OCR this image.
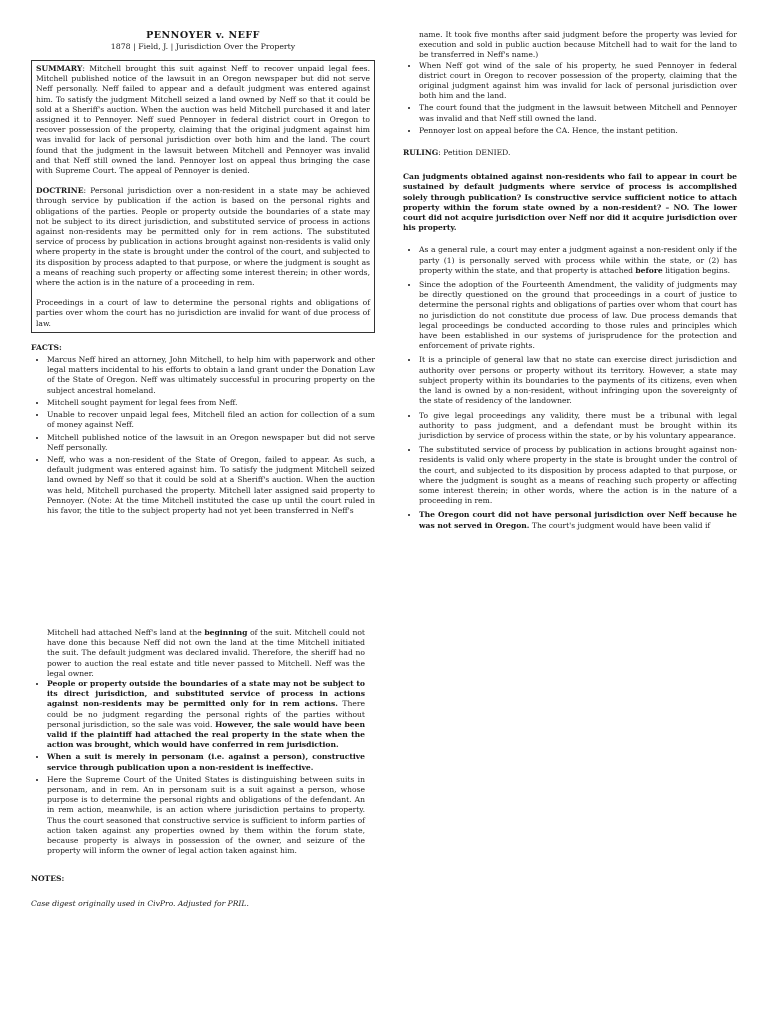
PENNOYER v. NEFF
1878 | Field, J. | Jurisdiction Over the Property

SUMMARY: Mitchell brought this suit against Neff to recover unpaid legal fees. Mitchell published notice of the lawsuit in an Oregon newspaper but did not serve Neff personally. Neff failed to appear and a default judgment was entered against him. To satisfy the judgment Mitchell seized a land owned by Neff so that it could be sold at a Sheriff's auction. When the auction was held Mitchell purchased it and later assigned it to Pennoyer. Neff sued Pennoyer in federal district court in Oregon to recover possession of the property, claiming that the original judgment against him was invalid for lack of personal jurisdiction over both him and the land. The court found that the judgment in the lawsuit between Mitchell and Pennoyer was invalid and that Neff still owned the land. Pennoyer lost on appeal thus bringing the case with Supreme Court. The appeal of Pennoyer is denied.

DOCTRINE: Personal jurisdiction over a non-resident in a state may be achieved through service by publication if the action is based on the personal rights and obligations of the parties. People or property outside the boundaries of a state may not be subject to its direct jurisdiction, and substituted service of process in actions against non-residents may be permitted only for in rem actions. The substituted service of process by publication in actions brought against non-residents is valid only where property in the state is brought under the control of the court, and subjected to its disposition by process adapted to that purpose, or where the judgment is sought as a means of reaching such property or affecting some interest therein; in other words, where the action is in the nature of a proceeding in rem.

Proceedings in a court of law to determine the personal rights and obligations of parties over whom the court has no jurisdiction are invalid for want of due process of law.

FACTS:
• Marcus Neff hired an attorney, John Mitchell, to help him with paperwork and other legal matters incidental to his efforts to obtain a land grant under the Donation Law of the State of Oregon. Neff was ultimately successful in procuring property on the subject ancestral homeland.
• Mitchell sought payment for legal fees from Neff.
• Unable to recover unpaid legal fees, Mitchell filed an action for collection of a sum of money against Neff.
• Mitchell published notice of the lawsuit in an Oregon newspaper but did not serve Neff personally.
• Neff, who was a non-resident of the State of Oregon, failed to appear. As such, a default judgment was entered against him. To satisfy the judgment Mitchell seized land owned by Neff so that it could be sold at a Sheriff's auction. When the auction was held, Mitchell purchased the property. Mitchell later assigned said property to Pennoyer. (Note: At the time Mitchell instituted the case up until the court ruled in his favor, the title to the subject property had not yet been transferred in Neff's

name. It took five months after said judgment before the property was levied for execution and sold in public auction because Mitchell had to wait for the land to be transferred in Neff's name.)

• When Neff got wind of the sale of his property, he sued Pennoyer in federal district court in Oregon to recover possession of the property, claiming that the original judgment against him was invalid for lack of personal jurisdiction over both him and the land.
• The court found that the judgment in the lawsuit between Mitchell and Pennoyer was invalid and that Neff still owned the land.
• Pennoyer lost on appeal before the CA. Hence, the instant petition.

RULING: Petition DENIED.

Can judgments obtained against non-residents who fail to appear in court be sustained by default judgments where service of process is accomplished solely through publication? Is constructive service sufficient notice to attach property within the forum state owned by a non-resident? – NO. The lower court did not acquire jurisdiction over Neff nor did it acquire jurisdiction over his property.

• As a general rule, a court may enter a judgment against a non-resident only if the party (1) is personally served with process while within the state, or (2) has property within the state, and that property is attached before litigation begins.
• Since the adoption of the Fourteenth Amendment, the validity of judgments may be directly questioned on the ground that proceedings in a court of justice to determine the personal rights and obligations of parties over whom that court has no jurisdiction do not constitute due process of law. Due process demands that legal proceedings be conducted according to those rules and principles which have been established in our systems of jurisprudence for the protection and enforcement of private rights.
• It is a principle of general law that no state can exercise direct jurisdiction and authority over persons or property without its territory. However, a state may subject property within its boundaries to the payments of its citizens, even when the land is owned by a non-resident, without infringing upon the sovereignty of the state of residency of the landowner.
• To give legal proceedings any validity, there must be a tribunal with legal authority to pass judgment, and a defendant must be brought within its jurisdiction by service of process within the state, or by his voluntary appearance.
• The substituted service of process by publication in actions brought against non-residents is valid only where property in the state is brought under the control of the court, and subjected to its disposition by process adapted to that purpose, or where the judgment is sought as a means of reaching such property or affecting some interest therein; in other words, where the action is in the nature of a proceeding in rem.
• The Oregon court did not have personal jurisdiction over Neff because he was not served in Oregon. The court's judgment would have been valid if

Mitchell had attached Neff's land at the beginning of the suit. Mitchell could not have done this because Neff did not own the land at the time Mitchell initiated the suit. The default judgment was declared invalid. Therefore, the sheriff had no power to auction the real estate and title never passed to Mitchell. Neff was the legal owner.

• People or property outside the boundaries of a state may not be subject to its direct jurisdiction, and substituted service of process in actions against non-residents may be permitted only for in rem actions. There could be no judgment regarding the personal rights of the parties without personal jurisdiction, so the sale was void. However, the sale would have been valid if the plaintiff had attached the real property in the state when the action was brought, which would have conferred in rem jurisdiction.
• When a suit is merely in personam (i.e. against a person), constructive service through publication upon a non-resident is ineffective.
• Here the Supreme Court of the United States is distinguishing between suits in personam, and in rem. An in personam suit is a suit against a person, whose purpose is to determine the personal rights and obligations of the defendant. An in rem action, meanwhile, is an action where jurisdiction pertains to property. Thus the court seasoned that constructive service is sufficient to inform parties of action taken against any properties owned by them within the forum state, because property is always in possession of the owner, and seizure of the property will inform the owner of legal action taken against him.
NOTES:
Case digest originally used in CivPro. Adjusted for PRIL.
